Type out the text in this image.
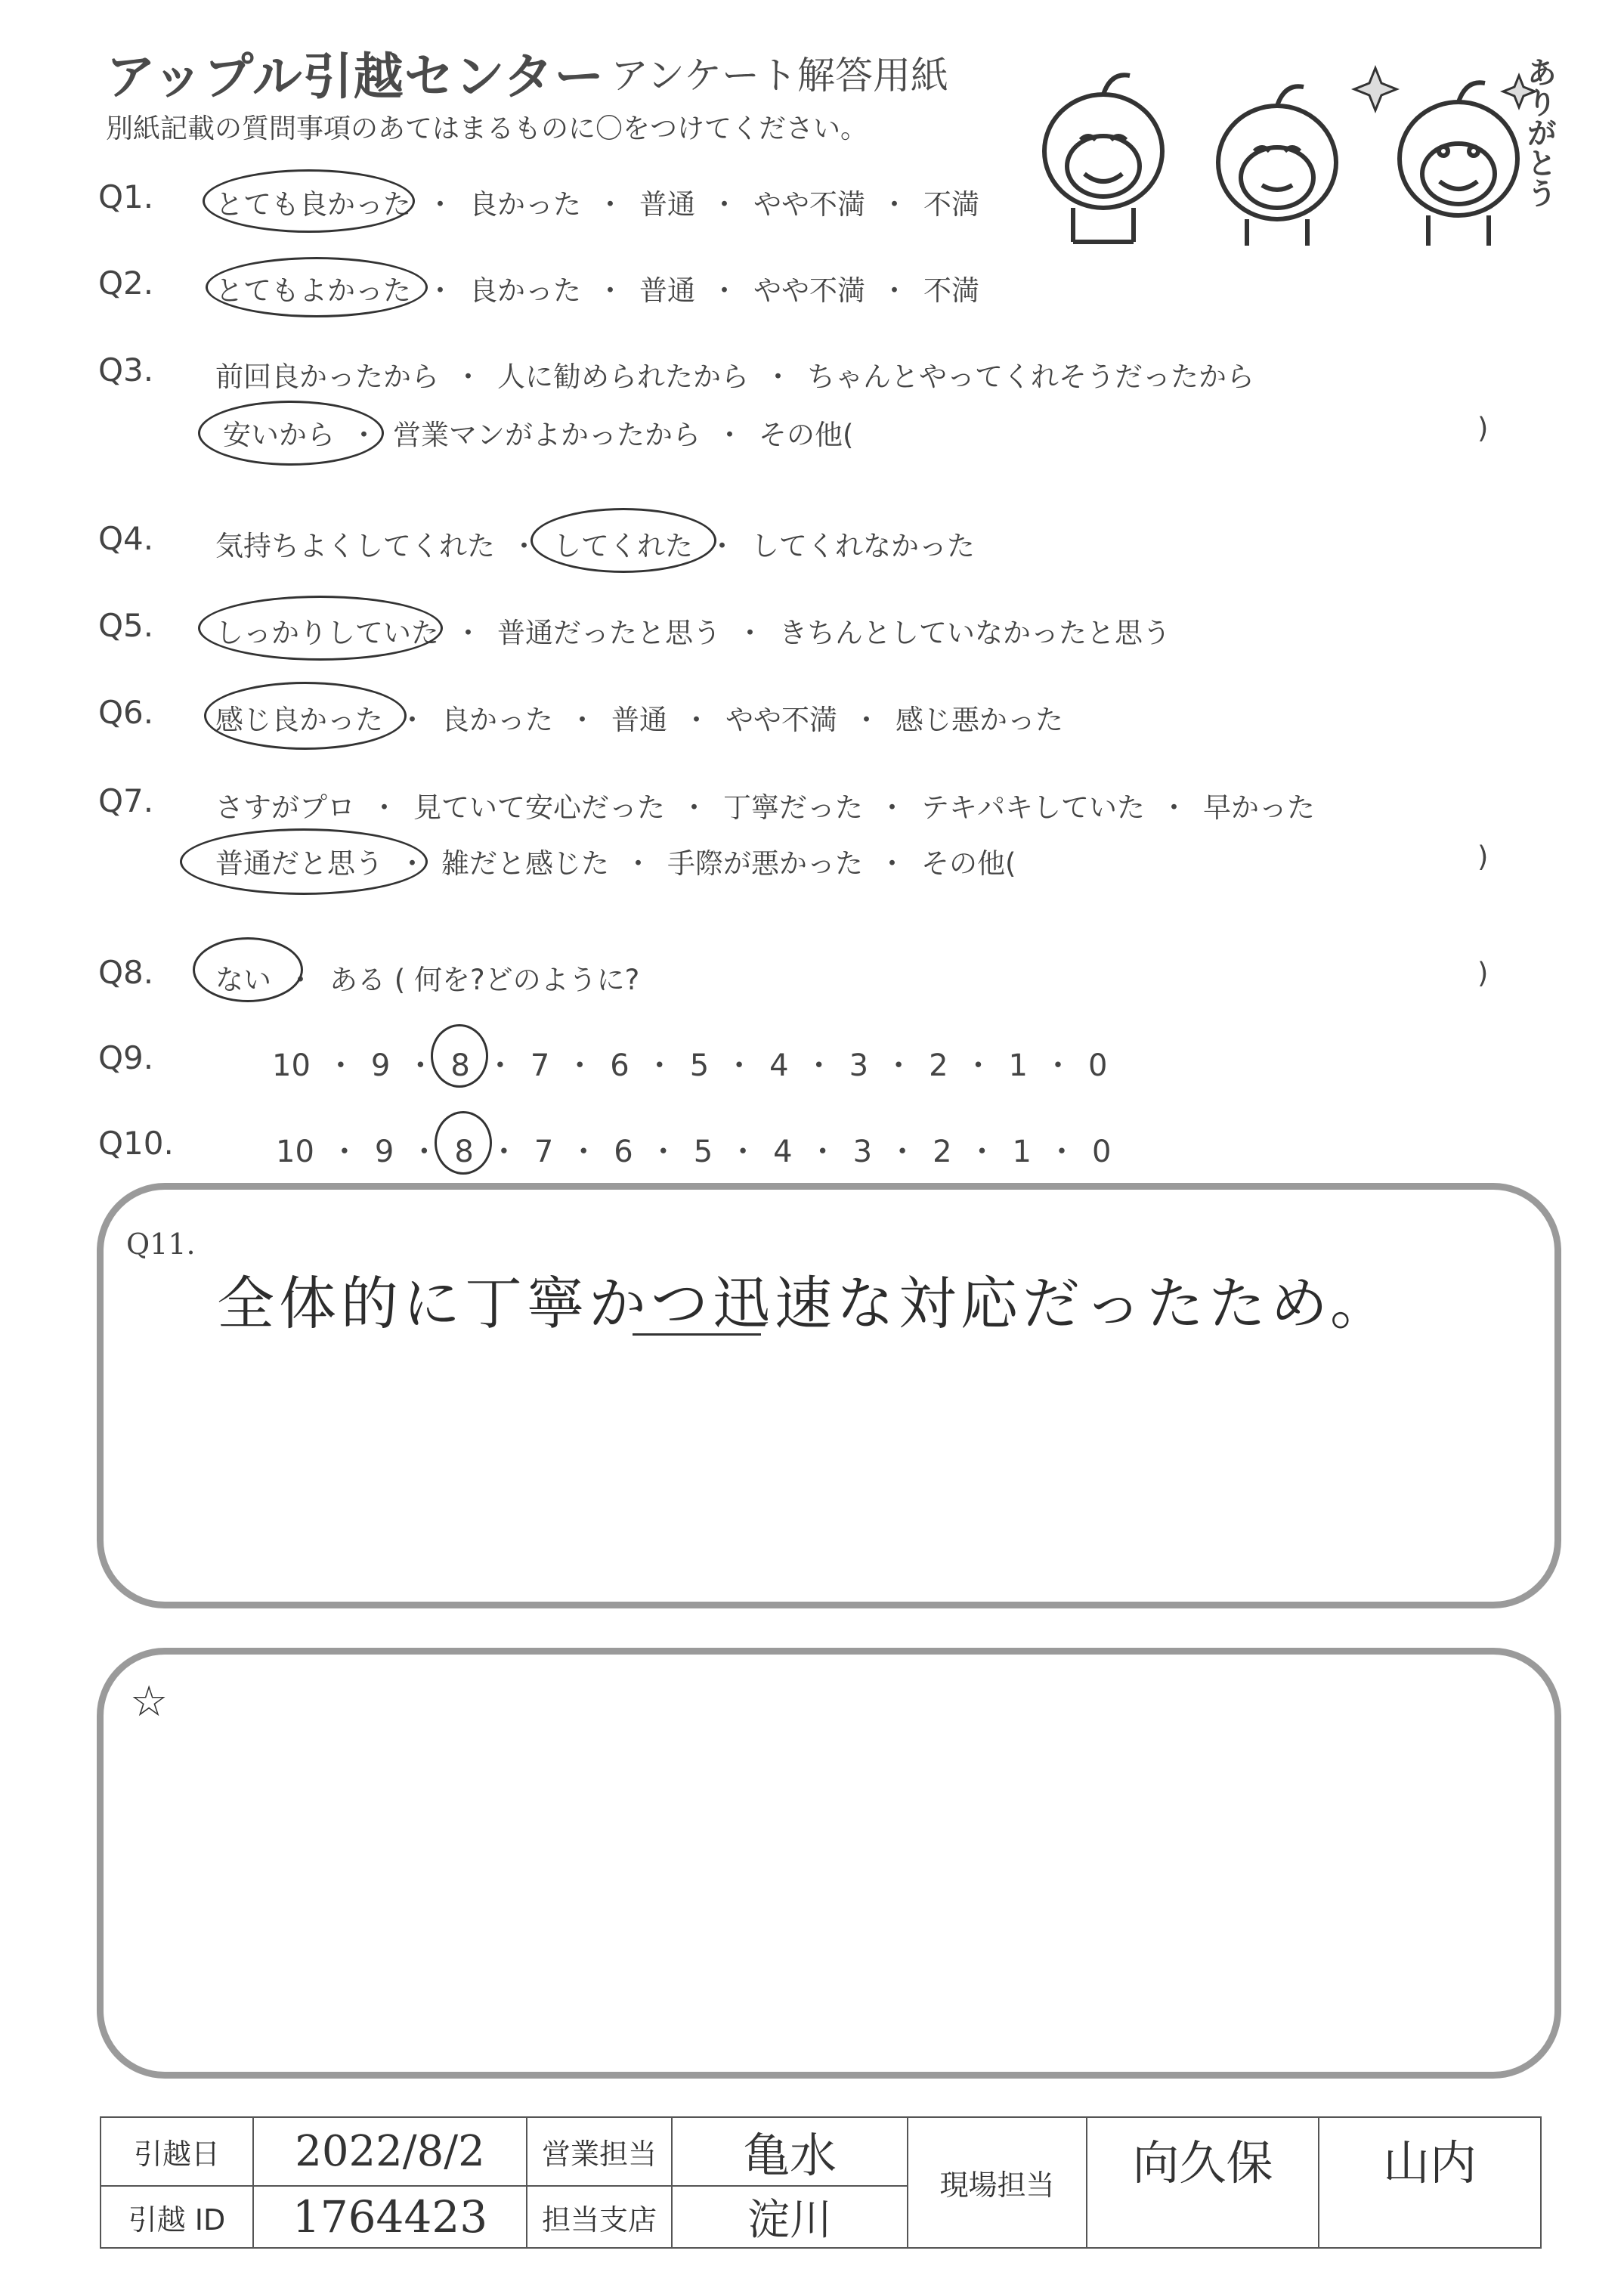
アップル引越センター アンケート解答用紙
別紙記載の質問事項のあてはまるものに〇をつけてください。	ありがとう
Q1. とても良かった ・ 良かった ・ 普通 ・ やや不満 ・ 不満
Q2. とてもよかった ・ 良かった ・ 普通 ・ やや不満 ・ 不満
Q3. 前回良かったから ・ 人に勧められたから ・ ちゃんとやってくれそうだったから
安いから ・ 営業マンがよかったから ・ その他(	)
Q4. 気持ちよくしてくれた ・ してくれた ・ してくれなかった
Q5. しっかりしていた ・ 普通だったと思う ・ きちんとしていなかったと思う
Q6. 感じ良かった ・ 良かった ・ 普通 ・ やや不満 ・ 感じ悪かった
Q7. さすがプロ ・ 見ていて安心だった ・ 丁寧だった ・ テキパキしていた ・ 早かった
普通だと思う ・ 雑だと感じた ・ 手際が悪かった ・ その他(	)
Q8. ない ・ ある ( 何を?どのように?	)
Q9.	10 ・ 9 ・ 8 ・ 7 ・ 6 ・ 5 ・ 4 ・ 3 ・ 2 ・ 1 ・ 0
Q10.	10 ・ 9 ・ 8 ・ 7 ・ 6 ・ 5 ・ 4 ・ 3 ・ 2 ・ 1 ・ 0
Q11.
全体的に丁寧かつ迅速な対応だったため。
☆
引越日	2022/8/2	営業担当	亀水	現場担当	向久保	山内
引越 ID	1764423	担当支店	淀川			
